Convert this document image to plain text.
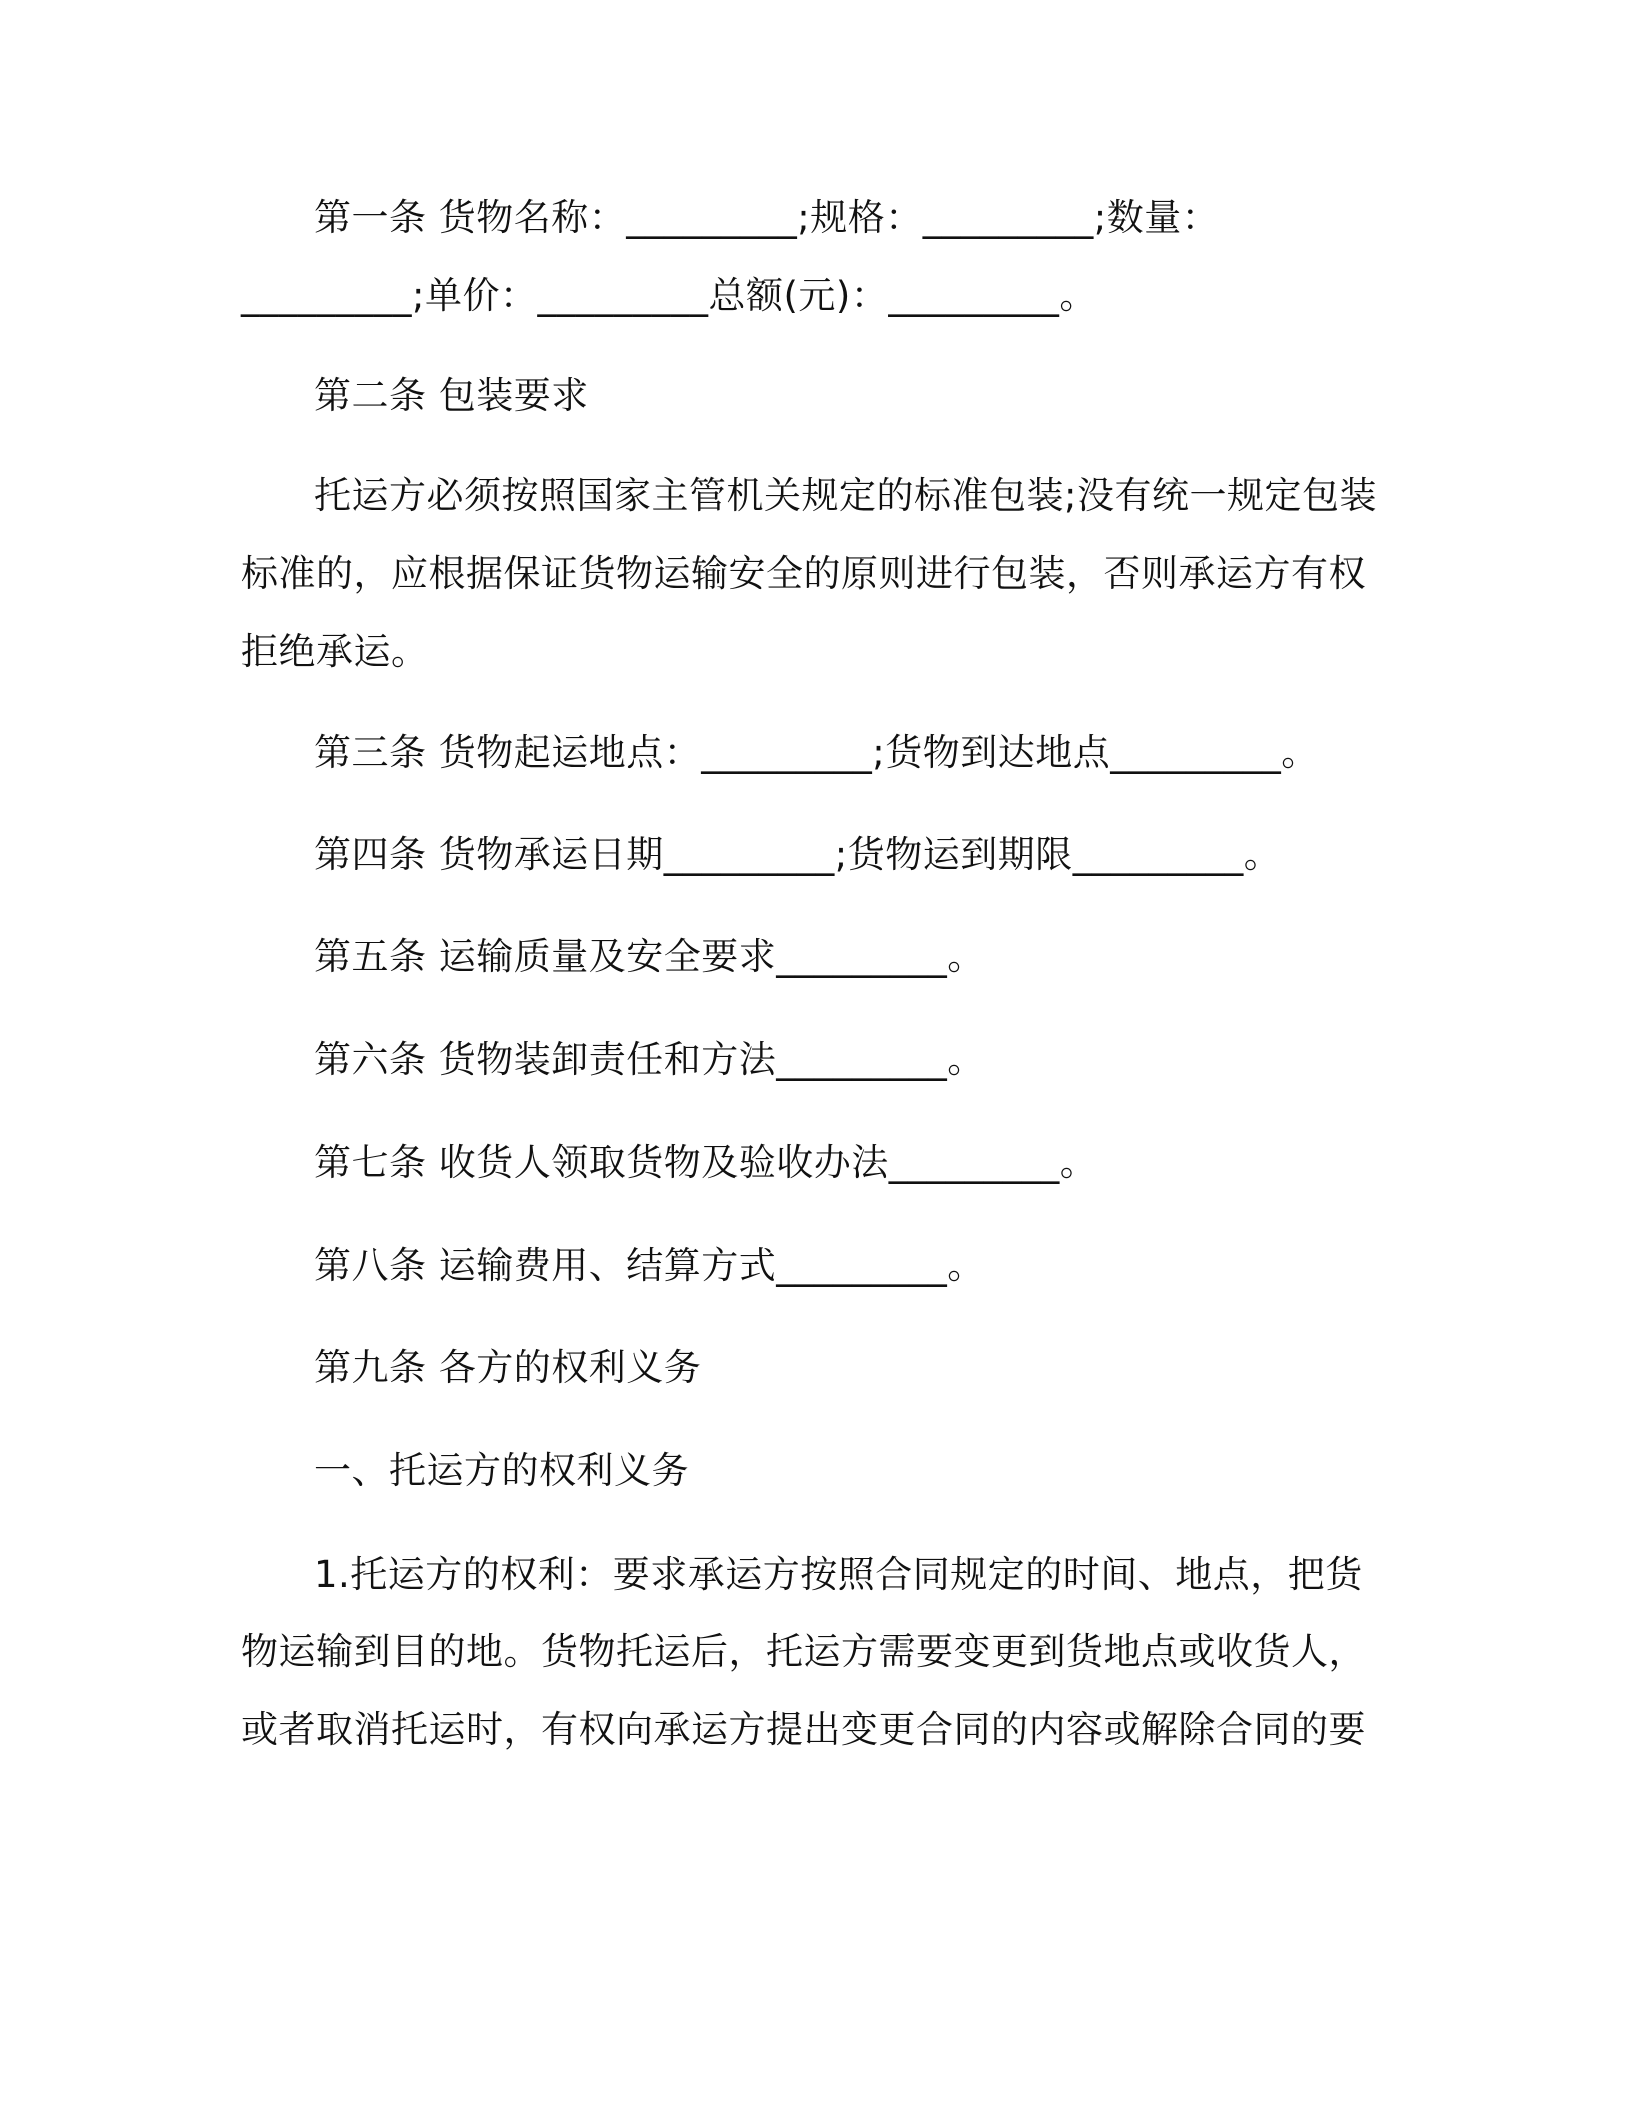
第一条 货物名称：_________;规格：_________;数量：
_________;单价：_________总额(元)：_________。
第二条 包装要求
托运方必须按照国家主管机关规定的标准包装;没有统一规定包装
标准的，应根据保证货物运输安全的原则进行包装，否则承运方有权
拒绝承运。
第三条 货物起运地点：_________;货物到达地点_________。
第四条 货物承运日期_________;货物运到期限_________。
第五条 运输质量及安全要求_________。
第六条 货物装卸责任和方法_________。
第七条 收货人领取货物及验收办法_________。
第八条 运输费用、结算方式_________。
第九条 各方的权利义务
一、托运方的权利义务
1.托运方的权利：要求承运方按照合同规定的时间、地点，把货
物运输到目的地。货物托运后，托运方需要变更到货地点或收货人，
或者取消托运时，有权向承运方提出变更合同的内容或解除合同的要
